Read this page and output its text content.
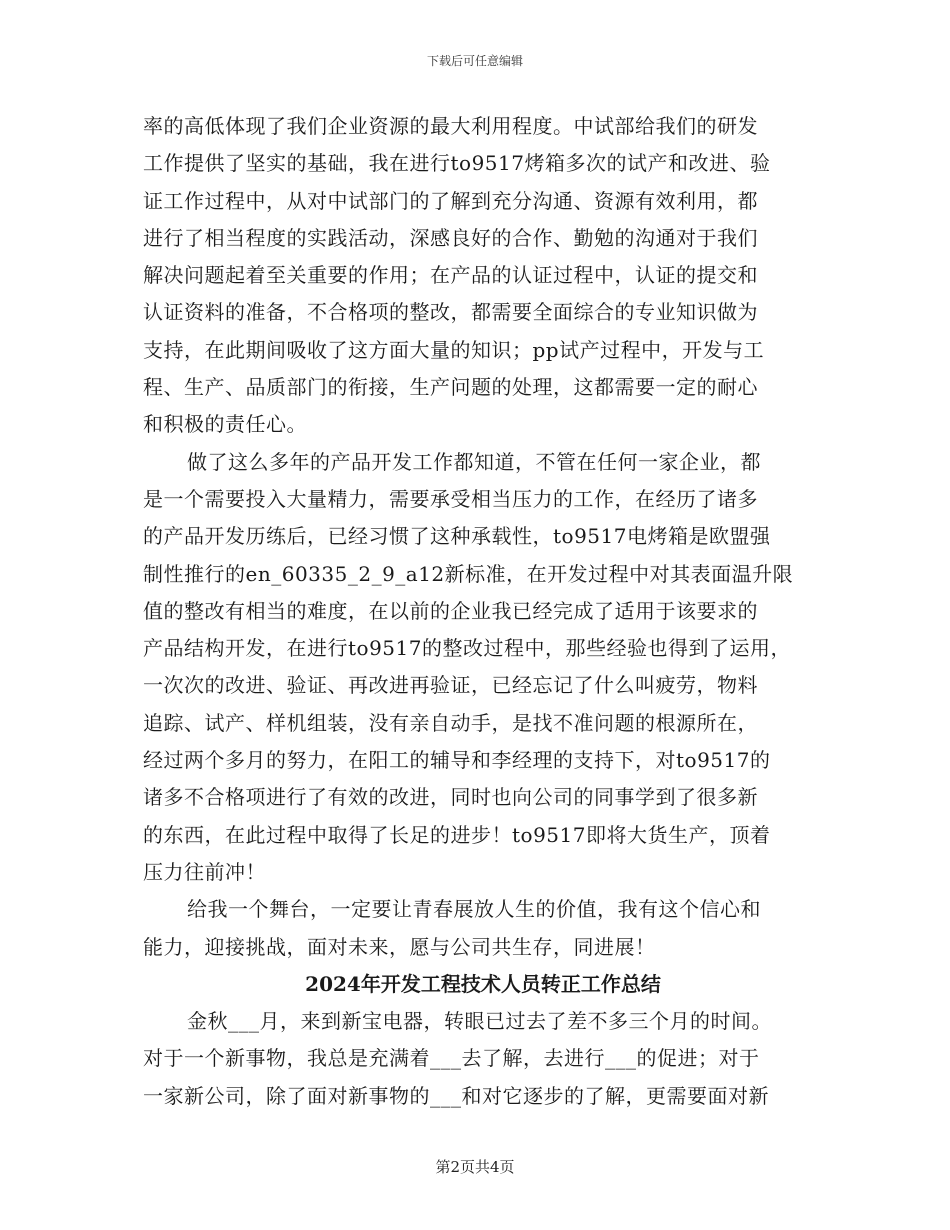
下载后可任意编辑
率的高低体现了我们企业资源的最大利用程度。中试部给我们的研发
工作提供了坚实的基础，我在进行to9517烤箱多次的试产和改进、验
证工作过程中，从对中试部门的了解到充分沟通、资源有效利用，都
进行了相当程度的实践活动，深感良好的合作、勤勉的沟通对于我们
解决问题起着至关重要的作用；在产品的认证过程中，认证的提交和
认证资料的准备，不合格项的整改，都需要全面综合的专业知识做为
支持，在此期间吸收了这方面大量的知识；pp试产过程中，开发与工
程、生产、品质部门的衔接，生产问题的处理，这都需要一定的耐心
和积极的责任心。
做了这么多年的产品开发工作都知道，不管在任何一家企业，都
是一个需要投入大量精力，需要承受相当压力的工作，在经历了诸多
的产品开发历练后，已经习惯了这种承载性，to9517电烤箱是欧盟强
制性推行的en_60335_2_9_a12新标准，在开发过程中对其表面温升限
值的整改有相当的难度，在以前的企业我已经完成了适用于该要求的
产品结构开发，在进行to9517的整改过程中，那些经验也得到了运用，
一次次的改进、验证、再改进再验证，已经忘记了什么叫疲劳，物料
追踪、试产、样机组装，没有亲自动手，是找不准问题的根源所在，
经过两个多月的努力，在阳工的辅导和李经理的支持下，对to9517的
诸多不合格项进行了有效的改进，同时也向公司的同事学到了很多新
的东西，在此过程中取得了长足的进步！to9517即将大货生产，顶着
压力往前冲！
给我一个舞台，一定要让青春展放人生的价值，我有这个信心和
能力，迎接挑战，面对未来，愿与公司共生存，同进展！
2024年开发工程技术人员转正工作总结
金秋___月，来到新宝电器，转眼已过去了差不多三个月的时间。
对于一个新事物，我总是充满着___去了解，去进行___的促进；对于
一家新公司，除了面对新事物的___和对它逐步的了解，更需要面对新
第2页共4页
